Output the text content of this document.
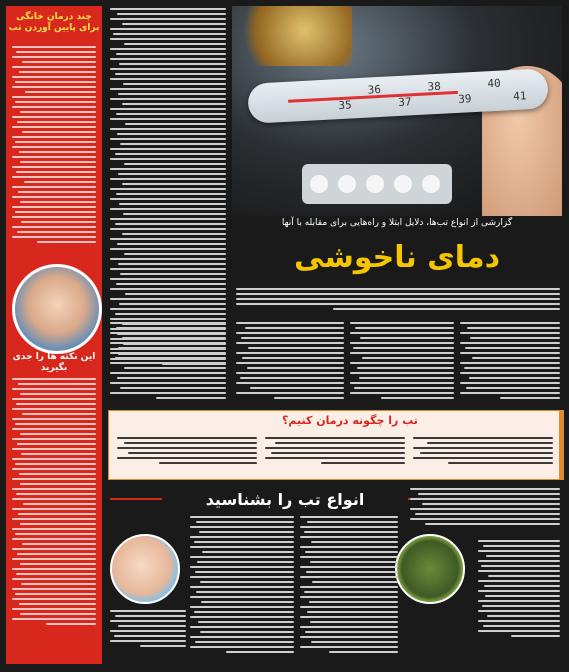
چند درمان خانگی برای پایین آوردن تب
این نکته ها را جدی بگیرید
36	38	40
35	37	39	41
گزارشی از انواع تب‌ها، دلایل ابتلا و راه‌هایی برای مقابله با آنها
دمای ناخوشی
تب را چگونه درمان کنیم؟
انواع تب را بشناسید
